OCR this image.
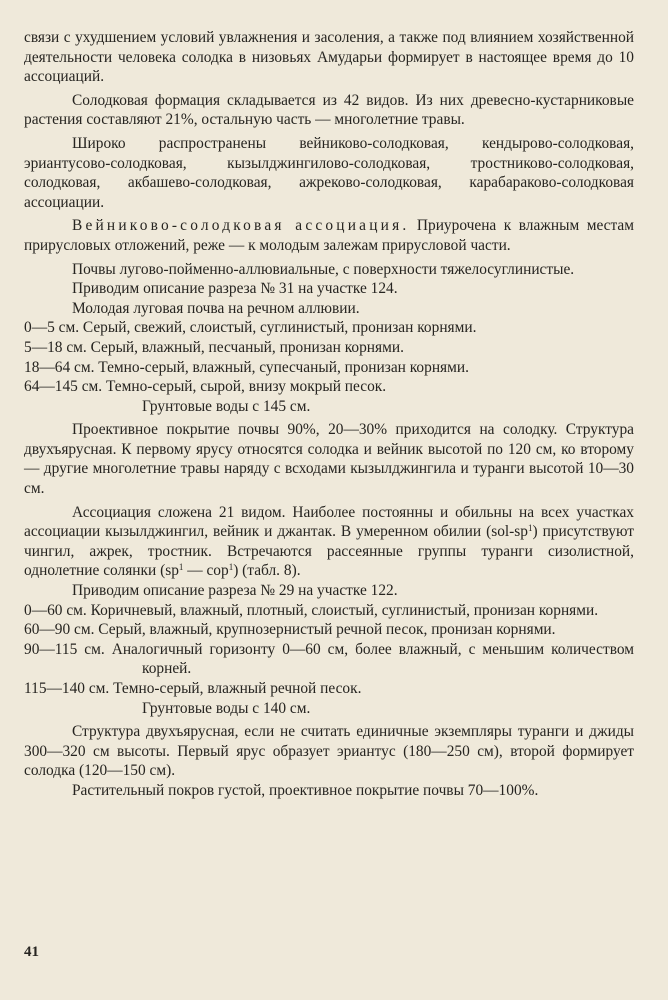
связи с ухудшением условий увлажнения и засоления, а также под влиянием хозяйственной деятельности человека солодка в низовьях Амударьи формирует в настоящее время до 10 ассоциаций.

Солодковая формация складывается из 42 видов. Из них древесно-кустарниковые растения составляют 21%, остальную часть — многолетние травы.

Широко распространены вейниково-солодковая, кендырово-солодковая, эриантусово-солодковая, кызылджингилово-солодковая, тростниково-солодковая, солодковая, акбашево-солодковая, ажреково-солодковая, карабараково-солодковая ассоциации.

Вейниково-солодковая ассоциация. Приурочена к влажным местам прирусловых отложений, реже — к молодым залежам прирусловой части.

Почвы лугово-пойменно-аллювиальные, с поверхности тяжелосуглинистые.

Приводим описание разреза № 31 на участке 124.

Молодая луговая почва на речном аллювии.

0—5 см. Серый, свежий, слоистый, суглинистый, пронизан корнями.

5—18 см. Серый, влажный, песчаный, пронизан корнями.

18—64 см. Темно-серый, влажный, супесчаный, пронизан корнями.

64—145 см. Темно-серый, сырой, внизу мокрый песок.

Грунтовые воды с 145 см.

Проективное покрытие почвы 90%, 20—30% приходится на солодку. Структура двухъярусная. К первому ярусу относятся солодка и вейник высотой по 120 см, ко второму — другие многолетние травы наряду с всходами кызылджингила и туранги высотой 10—30 см.

Ассоциация сложена 21 видом. Наиболее постоянны и обильны на всех участках ассоциации кызылджингил, вейник и джантак. В умеренном обилии $(sol-sp^1)$ присутствуют чингил, ажрек, тростник. Встречаются рассеянные группы туранги сизолистной, однолетние солянки ($sp^1$ — cop$^1$) (табл. 8).

Приводим описание разреза № 29 на участке 122.

0—60 см. Коричневый, влажный, плотный, слоистый, суглинистый, пронизан корнями.

60—90 см. Серый, влажный, крупнозернистый речной песок, пронизан корнями.

90—115 см. Аналогичный горизонту 0—60 см, более влажный, с меньшим количеством корней.

115—140 см. Темно-серый, влажный речной песок.

Грунтовые воды с 140 см.

Структура двухъярусная, если не считать единичные экземпляры туранги и джиды 300—320 см высоты. Первый ярус образует эриантус (180—250 см), второй формирует солодка (120—150 см).

Растительный покров густой, проективное покрытие почвы 70—100%.

41
